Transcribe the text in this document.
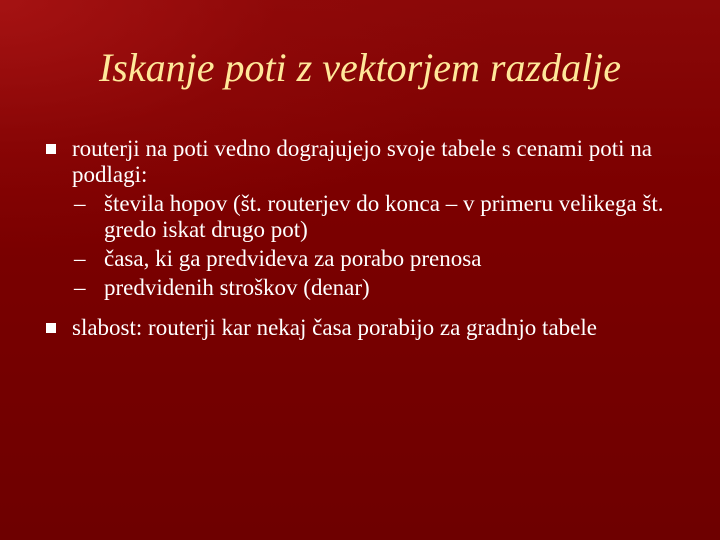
Iskanje poti z vektorjem razdalje
routerji na poti vedno dograjujejo svoje tabele s cenami poti na podlagi:
– števila hopov (št. routerjev do konca – v primeru velikega št. gredo iskat drugo pot)
– časa, ki ga predvideva za porabo prenosa
– predvidenih stroškov (denar)
slabost: routerji kar nekaj časa porabijo za gradnjo tabele
